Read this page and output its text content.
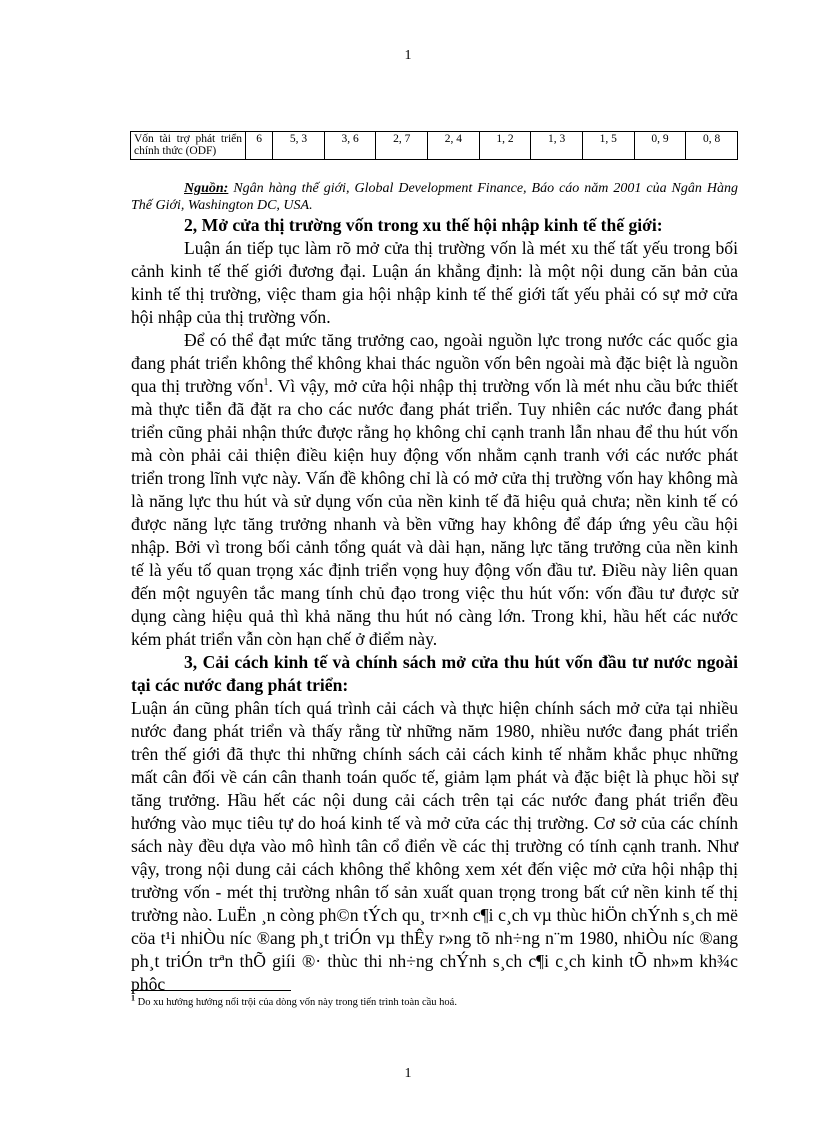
1
Vốn tài trợ phát triển chính thức (ODF)	6	5, 3	3, 6	2, 7	2, 4	1, 2	1, 3	1, 5	0, 9	0, 8

Nguồn: Ngân hàng thế giới, Global Development Finance, Báo cáo năm 2001 của Ngân Hàng Thế Giới, Washington DC, USA.

2, Mở cửa thị trường vốn trong xu thế hội nhập kinh tế thế giới:

Luận án tiếp tục làm rõ mở cửa thị trường vốn là mét xu thế tất yếu trong bối cảnh kinh tế thế giới đương đại. Luận án khẳng định: là một nội dung căn bản của kinh tế thị trường, việc tham gia hội nhập kinh tế thế giới tất yếu phải có sự mở cửa hội nhập của thị trường vốn.

Để có thể đạt mức tăng trưởng cao, ngoài nguồn lực trong nước các quốc gia đang phát triển không thể không khai thác nguồn vốn bên ngoài mà đặc biệt là nguồn qua thị trường vốn$^1$. Vì vậy, mở cửa hội nhập thị trường vốn là mét nhu cầu bức thiết mà thực tiễn đã đặt ra cho các nước đang phát triển. Tuy nhiên các nước đang phát triển cũng phải nhận thức được rằng họ không chỉ cạnh tranh lẫn nhau để thu hút vốn mà còn phải cải thiện điều kiện huy động vốn nhằm cạnh tranh với các nước phát triển trong lĩnh vực này. Vấn đề không chỉ là có mở cửa thị trường vốn hay không mà là năng lực thu hút và sử dụng vốn của nền kinh tế đã hiệu quả chưa; nền kinh tế có được năng lực tăng trưởng nhanh và bền vững hay không để đáp ứng yêu cầu hội nhập. Bởi vì trong bối cảnh tổng quát và dài hạn, năng lực tăng trưởng của nền kinh tế là yếu tố quan trọng xác định triển vọng huy động vốn đầu tư. Điều này liên quan đến một nguyên tắc mang tính chủ đạo trong việc thu hút vốn: vốn đầu tư được sử dụng càng hiệu quả thì khả năng thu hút nó càng lớn. Trong khi, hầu hết các nước kém phát triển vẫn còn hạn chế ở điểm này.

3, Cải cách kinh tế và chính sách mở cửa thu hút vốn đầu tư nước ngoài tại các nước đang phát triển:

Luận án cũng phân tích quá trình cải cách và thực hiện chính sách mở cửa tại nhiều nước đang phát triển và thấy rằng từ những năm 1980, nhiều nước đang phát triển trên thế giới đã thực thi những chính sách cải cách kinh tế nhằm khắc phục những mất cân đối về cán cân thanh toán quốc tế, giảm lạm phát và đặc biệt là phục hồi sự tăng trưởng. Hầu hết các nội dung cải cách trên tại các nước đang phát triển đều hướng vào mục tiêu tự do hoá kinh tế và mở cửa các thị trường. Cơ sở của các chính sách này đều dựa vào mô hình tân cổ điển về các thị trường có tính cạnh tranh. Như vậy, trong nội dung cải cách không thể không xem xét đến việc mở cửa hội nhập thị trường vốn - mét thị trường nhân tố sản xuất quan trọng trong bất cứ nền kinh tế thị trường nào. LuËn ¸n còng ph©n tÝch qu¸ tr×nh c¶i c¸ch vµ thùc hiÖn chÝnh s¸ch më cöa t¹i nhiÒu níc ®ang ph¸t triÓn vµ thÊy r»ng tõ nh÷ng n¨m 1980, nhiÒu níc ®ang ph¸t triÓn trªn thÕ giíi ®· thùc thi nh÷ng chÝnh s¸ch c¶i c¸ch kinh tÕ nh»m kh¾c phôc

$^1$ Do xu hướng hướng nổi trội của dòng vốn này trong tiến trình toàn cầu hoá.
1
